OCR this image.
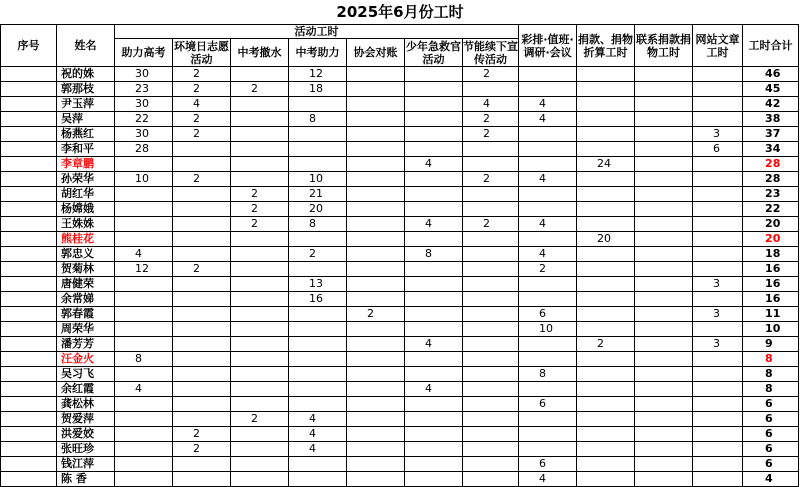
2025年6月份工时
序号	姓名	活动工时							彩排·值班·调研·会议	捐款、捐物折算工时	联系捐款捐物工时	网站文章工时	工时合计
		助力高考	环境日志愿活动	中考撤水	中考助力	协会对账	少年急救官活动	节能续下宣传活动					
	祝的姝	30	2		12			2					46
	郭那枝	23	2	2	18								45
	尹玉萍	30	4					4	4				42
	吴萍	22	2		8			2	4				38
	杨燕红	30	2					2				3	37
	李和平	28										6	34
	李章鹏						4			24			28
	孙荣华	10	2		10			2	4				28
	胡红华			2	21								23
	杨嫦娥			2	20								22
	王姝姝			2	8		4	2	4				20
	熊桂花									20			20
	郭忠义	4			2		8		4				18
	贺菊林	12	2						2				16
	唐健荣				13							3	16
	余常娣				16								16
	郭春霞					2			6			3	11
	周荣华								10				10
	潘芳芳						4			2		3	9
	汪金火	8											8
	吴习飞								8				8
	余红霞	4					4						8
	龚松林								6				6
	贺爱萍			2	4								6
	洪爱姣		2		4								6
	张旺珍		2		4								6
	钱江萍								6				6
	陈 香								4				4
